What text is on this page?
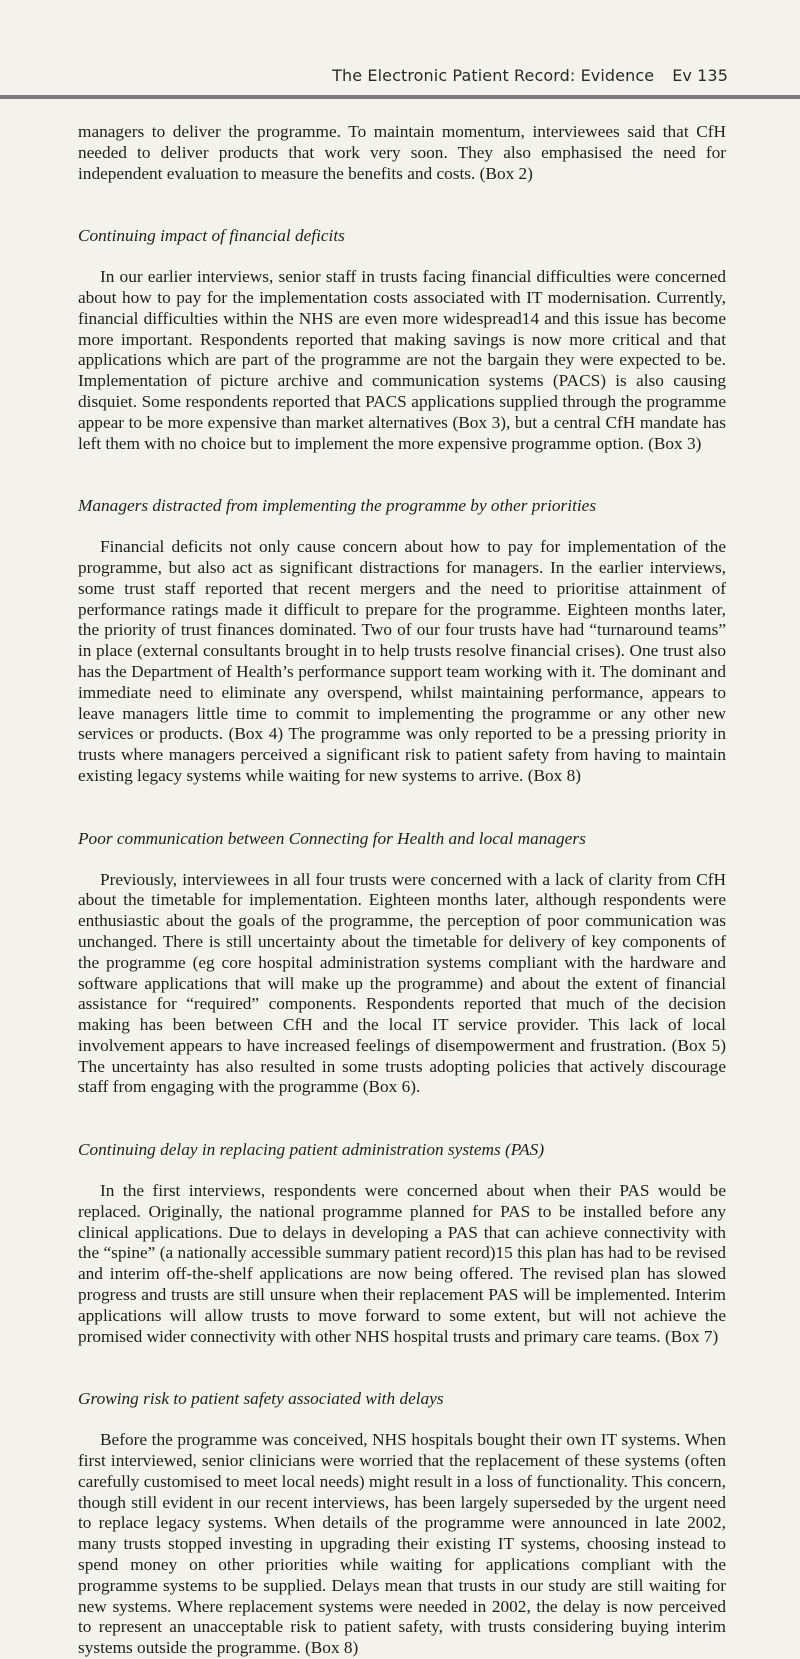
The Electronic Patient Record: Evidence Ev 135

managers to deliver the programme. To maintain momentum, interviewees said that CfH needed to deliver products that work very soon. They also emphasised the need for independent evaluation to measure the benefits and costs. (Box 2)

Continuing impact of financial deficits

In our earlier interviews, senior staff in trusts facing financial difficulties were concerned about how to pay for the implementation costs associated with IT modernisation. Currently, financial difficulties within the NHS are even more widespread14 and this issue has become more important. Respondents reported that making savings is now more critical and that applications which are part of the programme are not the bargain they were expected to be. Implementation of picture archive and communication systems (PACS) is also causing disquiet. Some respondents reported that PACS applications supplied through the programme appear to be more expensive than market alternatives (Box 3), but a central CfH mandate has left them with no choice but to implement the more expensive programme option. (Box 3)

Managers distracted from implementing the programme by other priorities

Financial deficits not only cause concern about how to pay for implementation of the programme, but also act as significant distractions for managers. In the earlier interviews, some trust staff reported that recent mergers and the need to prioritise attainment of performance ratings made it difficult to prepare for the programme. Eighteen months later, the priority of trust finances dominated. Two of our four trusts have had “turnaround teams” in place (external consultants brought in to help trusts resolve financial crises). One trust also has the Department of Health’s performance support team working with it. The dominant and immediate need to eliminate any overspend, whilst maintaining performance, appears to leave managers little time to commit to implementing the programme or any other new services or products. (Box 4) The programme was only reported to be a pressing priority in trusts where managers perceived a significant risk to patient safety from having to maintain existing legacy systems while waiting for new systems to arrive. (Box 8)

Poor communication between Connecting for Health and local managers

Previously, interviewees in all four trusts were concerned with a lack of clarity from CfH about the timetable for implementation. Eighteen months later, although respondents were enthusiastic about the goals of the programme, the perception of poor communication was unchanged. There is still uncertainty about the timetable for delivery of key components of the programme (eg core hospital administration systems compliant with the hardware and software applications that will make up the programme) and about the extent of financial assistance for “required” components. Respondents reported that much of the decision making has been between CfH and the local IT service provider. This lack of local involvement appears to have increased feelings of disempowerment and frustration. (Box 5) The uncertainty has also resulted in some trusts adopting policies that actively discourage staff from engaging with the programme (Box 6).

Continuing delay in replacing patient administration systems (PAS)

In the first interviews, respondents were concerned about when their PAS would be replaced. Originally, the national programme planned for PAS to be installed before any clinical applications. Due to delays in developing a PAS that can achieve connectivity with the “spine” (a nationally accessible summary patient record)15 this plan has had to be revised and interim off-the-shelf applications are now being offered. The revised plan has slowed progress and trusts are still unsure when their replacement PAS will be implemented. Interim applications will allow trusts to move forward to some extent, but will not achieve the promised wider connectivity with other NHS hospital trusts and primary care teams. (Box 7)

Growing risk to patient safety associated with delays

Before the programme was conceived, NHS hospitals bought their own IT systems. When first interviewed, senior clinicians were worried that the replacement of these systems (often carefully customised to meet local needs) might result in a loss of functionality. This concern, though still evident in our recent interviews, has been largely superseded by the urgent need to replace legacy systems. When details of the programme were announced in late 2002, many trusts stopped investing in upgrading their existing IT systems, choosing instead to spend money on other priorities while waiting for applications compliant with the programme systems to be supplied. Delays mean that trusts in our study are still waiting for new systems. Where replacement systems were needed in 2002, the delay is now perceived to represent an unacceptable risk to patient safety, with trusts considering buying interim systems outside the programme. (Box 8)
